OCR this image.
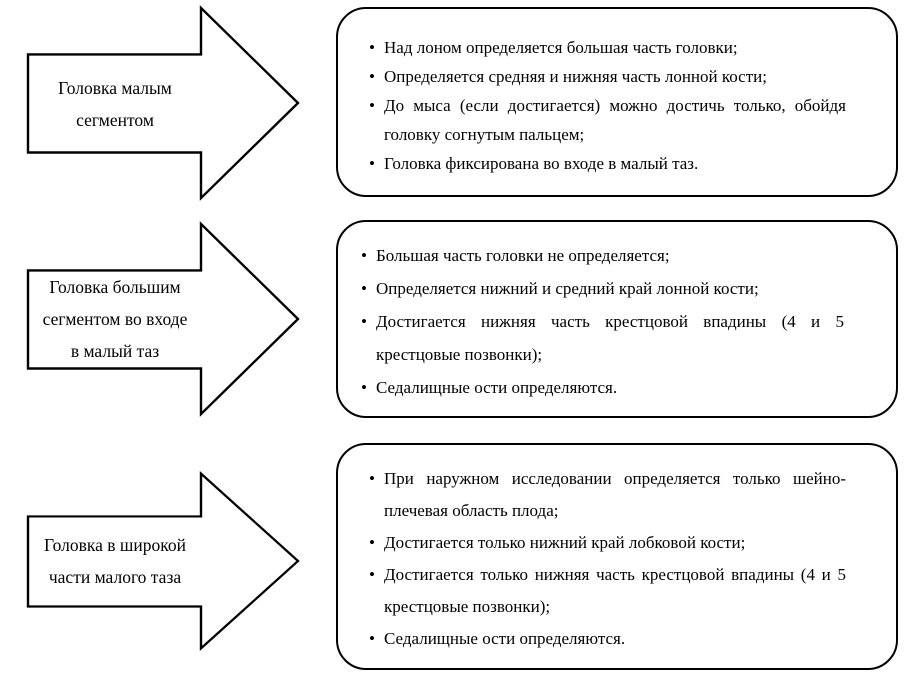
Головка малым
сегментом
• Над лоном определяется большая часть головки;
• Определяется средняя и нижняя часть лонной кости;
• До мыса (если достигается) можно достичь только, обойдя головку согнутым пальцем;
• Головка фиксирована во входе в малый таз.
Головка большим
сегментом во входе
в малый таз
• Большая часть головки не определяется;
• Определяется нижний и средний край лонной кости;
• Достигается нижняя часть крестцовой впадины (4 и 5 крестцовые позвонки);
• Седалищные ости определяются.
Головка в широкой
части малого таза
• При наружном исследовании определяется только шейно-плечевая область плода;
• Достигается только нижний край лобковой кости;
• Достигается только нижняя часть крестцовой впадины (4 и 5 крестцовые позвонки);
• Седалищные ости определяются.
